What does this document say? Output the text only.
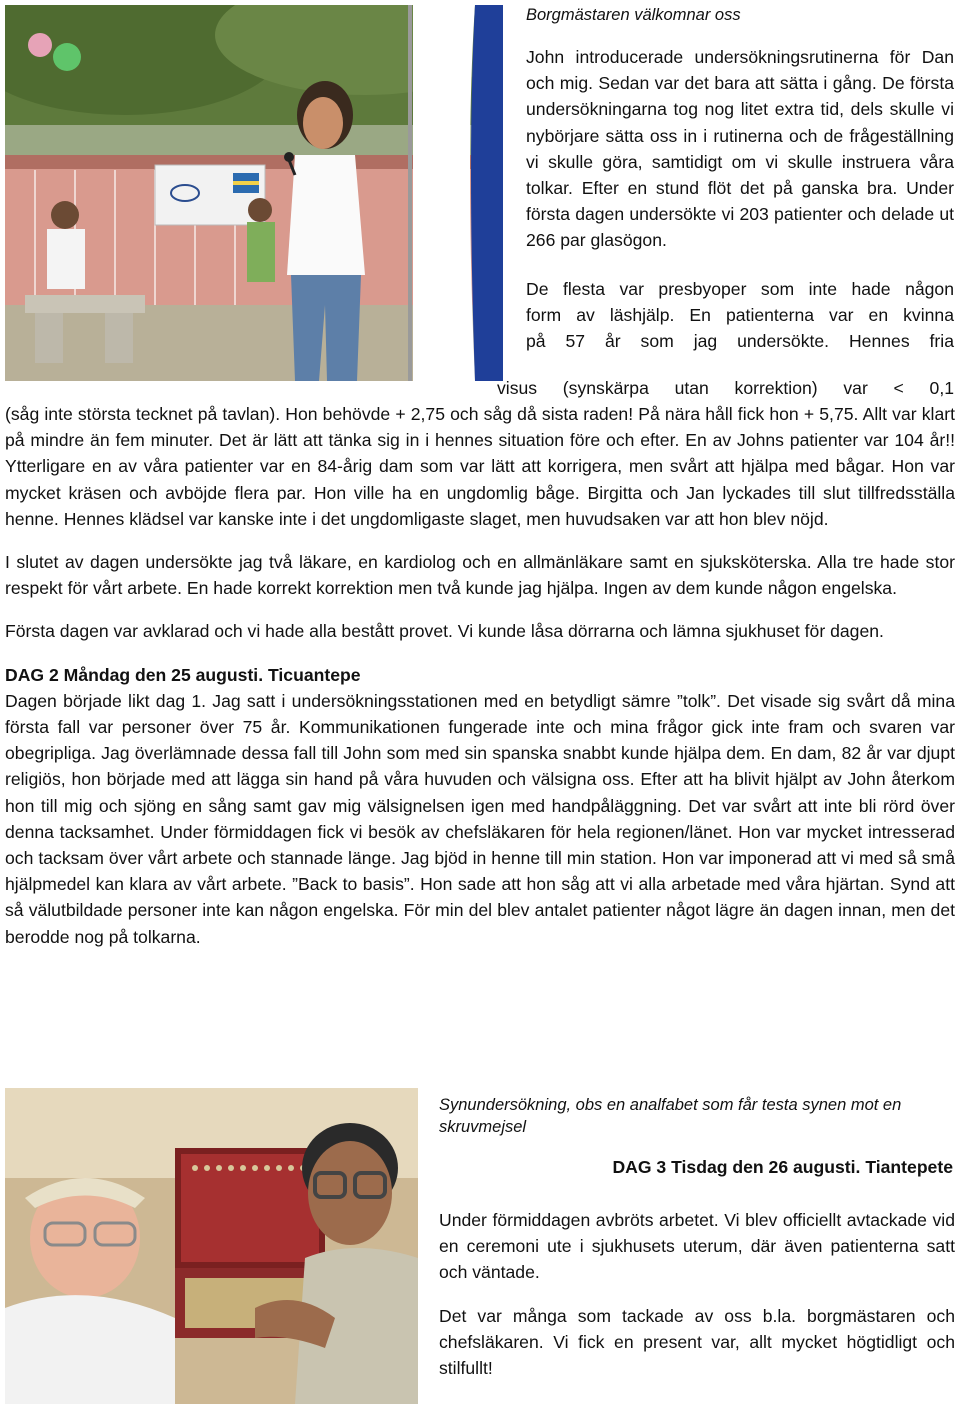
Borgmästaren välkomnar oss

John introducerade undersökningsrutinerna för Dan och mig. Sedan var det bara att sätta i gång. De första undersökningarna tog nog litet extra tid, dels skulle vi nybörjare sätta oss in i rutinerna och de frågeställning vi skulle göra, samtidigt om vi skulle instruera våra tolkar. Efter en stund flöt det på ganska bra. Under första dagen undersökte vi 203 patienter och delade ut 266 par glasögon.

De flesta var presbyoper som inte hade någon
form av läshjälp. En patienterna var en kvinna
på 57 år som jag undersökte. Hennes fria
visus (synskärpa utan korrektion) var < 0,1

(såg inte största tecknet på tavlan). Hon behövde + 2,75 och såg då sista raden! På nära håll fick hon + 5,75. Allt var klart på mindre än fem minuter. Det är lätt att tänka sig in i hennes situation före och efter. En av Johns patienter var 104 år!! Ytterligare en av våra patienter var en 84-årig dam som var lätt att korrigera, men svårt att hjälpa med bågar. Hon var mycket kräsen och avböjde flera par. Hon ville ha en ungdomlig båge. Birgitta och Jan lyckades till slut tillfredsställa henne. Hennes klädsel var kanske inte i det ungdomligaste slaget, men huvudsaken var att hon blev nöjd.

I slutet av dagen undersökte jag två läkare, en kardiolog och en allmänläkare samt en sjuksköterska. Alla tre hade stor respekt för vårt arbete. En hade korrekt korrektion men två kunde jag hjälpa. Ingen av dem kunde någon engelska.

Första dagen var avklarad och vi hade alla bestått provet. Vi kunde låsa dörrarna och lämna sjukhuset för dagen.

DAG 2 Måndag den 25 augusti. Ticuantepe

Dagen började likt dag 1. Jag satt i undersökningsstationen med en betydligt sämre ”tolk”. Det visade sig svårt då mina första fall var personer över 75 år. Kommunikationen fungerade inte och mina frågor gick inte fram och svaren var obegripliga. Jag överlämnade dessa fall till John som med sin spanska snabbt kunde hjälpa dem. En dam, 82 år var djupt religiös, hon började med att lägga sin hand på våra huvuden och välsigna oss. Efter att ha blivit hjälpt av John återkom hon till mig och sjöng en sång samt gav mig välsignelsen igen med handpåläggning. Det var svårt att inte bli rörd över denna tacksamhet. Under förmiddagen fick vi besök av chefsläkaren för hela regionen/länet. Hon var mycket intresserad och tacksam över vårt arbete och stannade länge. Jag bjöd in henne till min station. Hon var imponerad att vi med så små hjälpmedel kan klara av vårt arbete. ”Back to basis”. Hon sade att hon såg att vi alla arbetade med våra hjärtan. Synd att så välutbildade personer inte kan någon engelska. För min del blev antalet patienter något lägre än dagen innan, men det berodde nog på tolkarna.

Synundersökning, obs en analfabet som får testa synen mot en skruvmejsel
DAG 3 Tisdag den 26 augusti. Tiantepete

Under förmiddagen avbröts arbetet. Vi blev officiellt avtackade vid en ceremoni ute i sjukhusets uterum, där även patienterna satt och väntade.

Det var många som tackade av oss b.la. borgmästaren och chefsläkaren. Vi fick en present var, allt mycket högtidligt och stilfullt!
